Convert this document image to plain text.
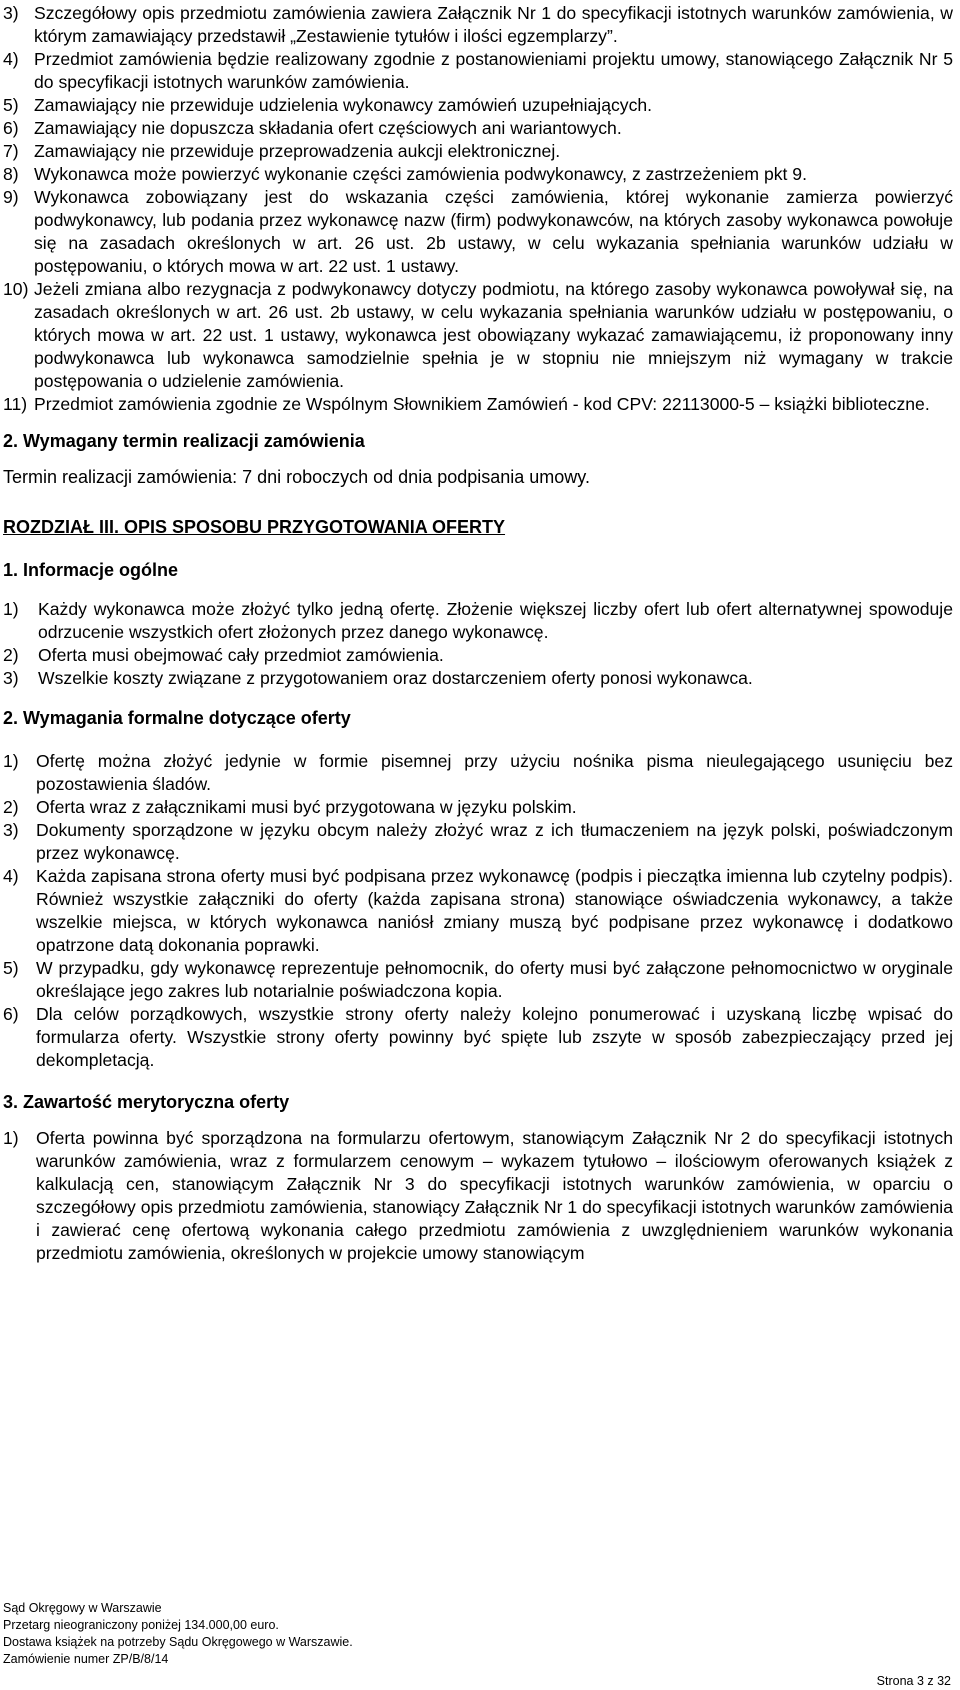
3) Szczegółowy opis przedmiotu zamówienia zawiera Załącznik Nr 1 do specyfikacji istotnych warunków zamówienia, w którym zamawiający przedstawił „Zestawienie tytułów i ilości egzemplarzy”.
4) Przedmiot zamówienia będzie realizowany zgodnie z postanowieniami projektu umowy, stanowiącego Załącznik Nr 5 do specyfikacji istotnych warunków zamówienia.
5) Zamawiający nie przewiduje udzielenia wykonawcy zamówień uzupełniających.
6) Zamawiający nie dopuszcza składania ofert częściowych ani wariantowych.
7) Zamawiający nie przewiduje przeprowadzenia aukcji elektronicznej.
8) Wykonawca może powierzyć wykonanie części zamówienia podwykonawcy, z zastrzeżeniem pkt 9.
9) Wykonawca zobowiązany jest do wskazania części zamówienia, której wykonanie zamierza powierzyć podwykonawcy, lub podania przez wykonawcę nazw (firm) podwykonawców, na których zasoby wykonawca powołuje się na zasadach określonych w art. 26 ust. 2b ustawy, w celu wykazania spełniania warunków udziału w postępowaniu, o których mowa w art. 22 ust. 1 ustawy.
10) Jeżeli zmiana albo rezygnacja z podwykonawcy dotyczy podmiotu, na którego zasoby wykonawca powoływał się, na zasadach określonych w art. 26 ust. 2b ustawy, w celu wykazania spełniania warunków udziału w postępowaniu, o których mowa w art. 22 ust. 1 ustawy, wykonawca jest obowiązany wykazać zamawiającemu, iż proponowany inny podwykonawca lub wykonawca samodzielnie spełnia je w stopniu nie mniejszym niż wymagany w trakcie postępowania o udzielenie zamówienia.
11) Przedmiot zamówienia zgodnie ze Wspólnym Słownikiem Zamówień - kod CPV: 22113000-5 – książki biblioteczne.
2. Wymagany termin realizacji zamówienia
Termin realizacji zamówienia: 7 dni roboczych od dnia podpisania umowy.
ROZDZIAŁ III. OPIS SPOSOBU PRZYGOTOWANIA OFERTY
1. Informacje ogólne
1)	Każdy wykonawca może złożyć tylko jedną ofertę. Złożenie większej liczby ofert lub ofert alternatywnej spowoduje odrzucenie wszystkich ofert złożonych przez danego wykonawcę.
2)	Oferta musi obejmować cały przedmiot zamówienia.
3)	Wszelkie koszty związane z przygotowaniem oraz dostarczeniem oferty ponosi wykonawca.
2. Wymagania formalne dotyczące oferty
1) Ofertę można złożyć jedynie w formie pisemnej przy użyciu nośnika pisma nieulegającego usunięciu bez pozostawienia śladów.
2) Oferta wraz z załącznikami musi być przygotowana w języku polskim.
3) Dokumenty sporządzone w języku obcym należy złożyć wraz z ich tłumaczeniem na język polski, poświadczonym przez wykonawcę.
4) Każda zapisana strona oferty musi być podpisana przez wykonawcę (podpis i pieczątka imienna lub czytelny podpis). Również wszystkie załączniki do oferty (każda zapisana strona) stanowiące oświadczenia wykonawcy, a także wszelkie miejsca, w których wykonawca naniósł zmiany muszą być podpisane przez wykonawcę i dodatkowo opatrzone datą dokonania poprawki.
5) W przypadku, gdy wykonawcę reprezentuje pełnomocnik, do oferty musi być załączone pełnomocnictwo w oryginale określające jego zakres lub notarialnie poświadczona kopia.
6) Dla celów porządkowych, wszystkie strony oferty należy kolejno ponumerować i uzyskaną liczbę wpisać do formularza oferty. Wszystkie strony oferty powinny być spięte lub zszyte w sposób zabezpieczający przed jej dekompletacją.
3. Zawartość merytoryczna oferty
1) Oferta powinna być sporządzona na formularzu ofertowym, stanowiącym Załącznik Nr 2 do specyfikacji istotnych warunków zamówienia, wraz z formularzem cenowym – wykazem tytułowo – ilościowym oferowanych książek z kalkulacją cen, stanowiącym Załącznik Nr 3 do specyfikacji istotnych warunków zamówienia, w oparciu o szczegółowy opis przedmiotu zamówienia, stanowiący Załącznik Nr 1 do specyfikacji istotnych warunków zamówienia i zawierać cenę ofertową wykonania całego przedmiotu zamówienia z uwzględnieniem warunków wykonania przedmiotu zamówienia, określonych w projekcie umowy stanowiącym
Sąd Okręgowy w Warszawie
Przetarg nieograniczony poniżej 134.000,00 euro.
Dostawa książek na potrzeby Sądu Okręgowego w Warszawie.
Zamówienie numer ZP/B/8/14
Strona 3 z 32
